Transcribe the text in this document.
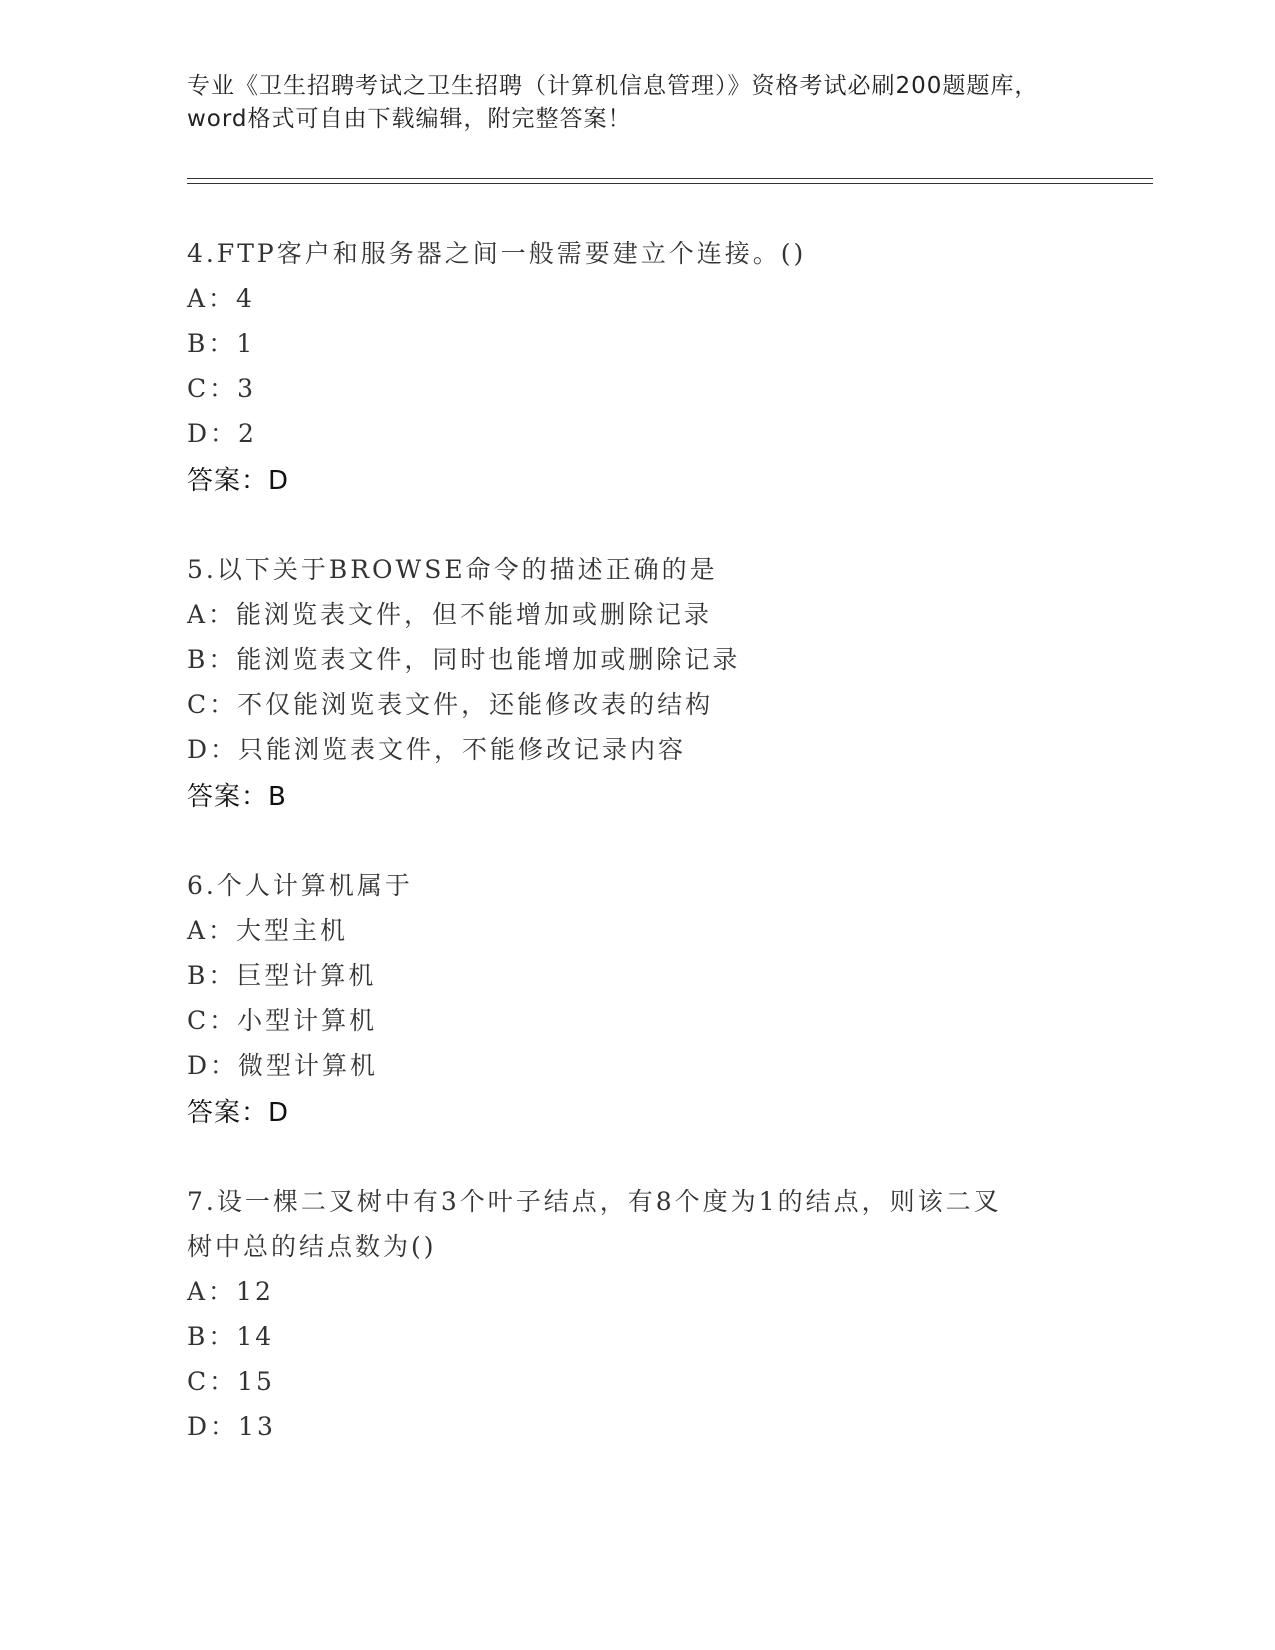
专业《卫生招聘考试之卫生招聘（计算机信息管理）》资格考试必刷200题题库，
word格式可自由下载编辑，附完整答案！
4.FTP客户和服务器之间一般需要建立个连接。()
A：4
B：1
C：3
D：2
答案：D
5.以下关于BROWSE命令的描述正确的是
A：能浏览表文件，但不能增加或删除记录
B：能浏览表文件，同时也能增加或删除记录
C：不仅能浏览表文件，还能修改表的结构
D：只能浏览表文件，不能修改记录内容
答案：B
6.个人计算机属于
A：大型主机
B：巨型计算机
C：小型计算机
D：微型计算机
答案：D
7.设一棵二叉树中有3个叶子结点，有8个度为1的结点，则该二叉
树中总的结点数为()
A：12
B：14
C：15
D：13
